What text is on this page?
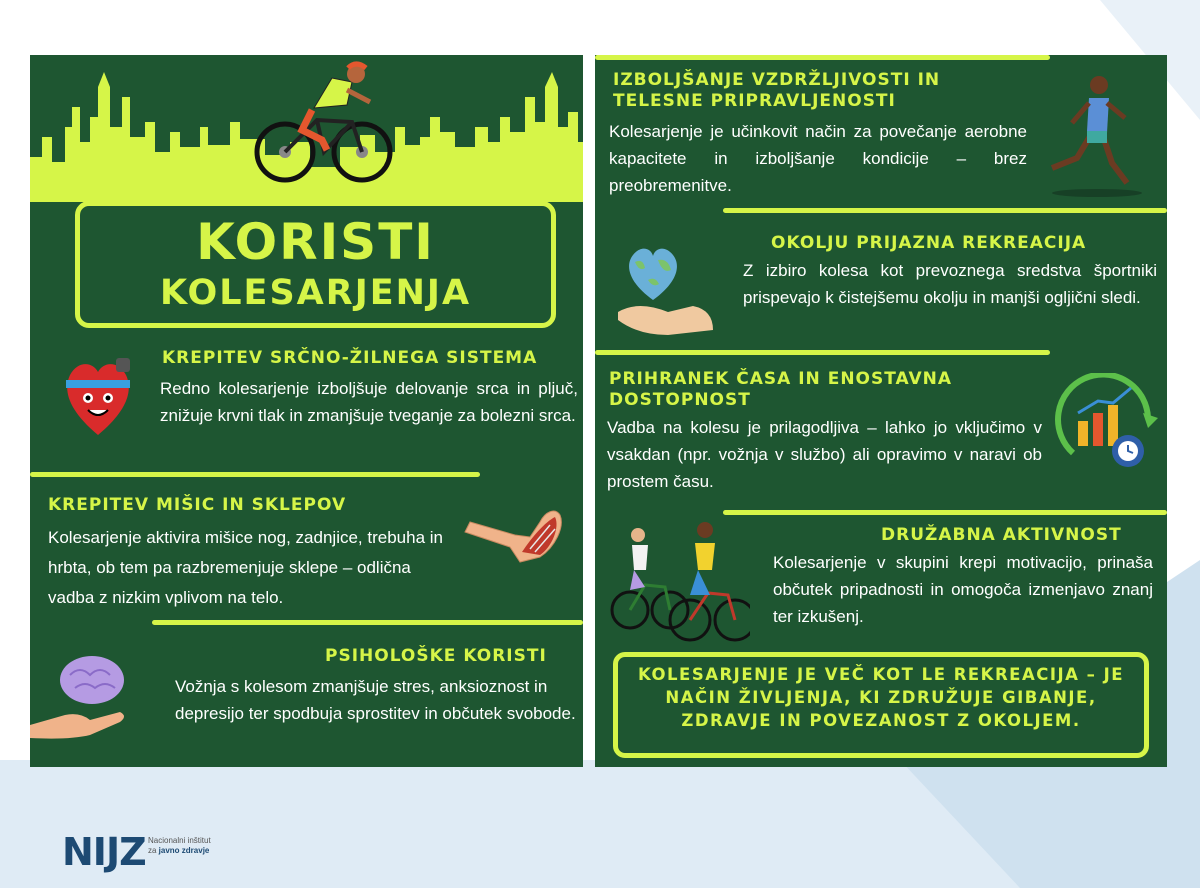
KORISTI
KOLESARJENJA
KREPITEV SRČNO-ŽILNEGA SISTEMA
Redno kolesarjenje izboljšuje delovanje srca in pljuč, znižuje krvni tlak in zmanjšuje tveganje za bolezni srca.
KREPITEV MIŠIC IN SKLEPOV
Kolesarjenje aktivira mišice nog, zadnjice, trebuha in hrbta, ob tem pa razbremenjuje sklepe – odlična vadba z nizkim vplivom na telo.
PSIHOLOŠKE KORISTI
Vožnja s kolesom zmanjšuje stres, anksioznost in depresijo ter spodbuja sprostitev in občutek svobode.
IZBOLJŠANJE VZDRŽLJIVOSTI IN TELESNE PRIPRAVLJENOSTI
Kolesarjenje je učinkovit način za povečanje aerobne kapacitete in izboljšanje kondicije – brez preobremenitve.
OKOLJU PRIJAZNA REKREACIJA
Z izbiro kolesa kot prevoznega sredstva športniki prispevajo k čistejšemu okolju in manjši ogljični sledi.
PRIHRANEK ČASA IN ENOSTAVNA DOSTOPNOST
Vadba na kolesu je prilagodljiva – lahko jo vključimo v vsakdan (npr. vožnja v službo) ali opravimo v naravi ob prostem času.
DRUŽABNA AKTIVNOST
Kolesarjenje v skupini krepi motivacijo, prinaša občutek pripadnosti in omogoča izmenjavo znanj ter izkušenj.
KOLESARJENJE JE VEČ KOT LE REKREACIJA – JE NAČIN ŽIVLJENJA, KI ZDRUŽUJE GIBANJE, ZDRAVJE IN POVEZANOST Z OKOLJEM.
NIJZ Nacionalni inštitut
za javno zdravje
